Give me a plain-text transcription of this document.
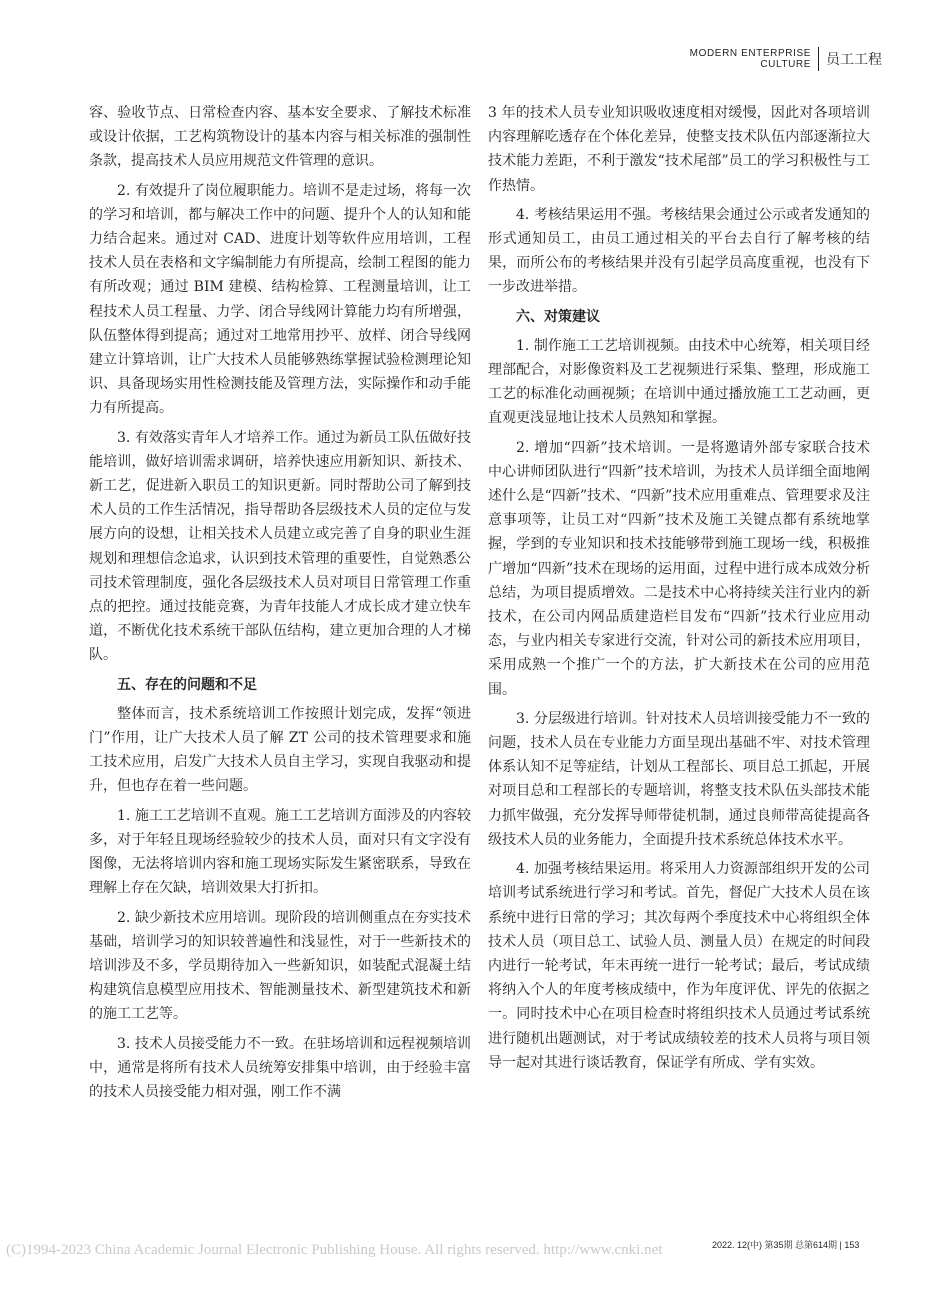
MODERN ENTERPRISE
CULTURE	员工工程

容、验收节点、日常检查内容、基本安全要求、了解技术标准或设计依据，工艺构筑物设计的基本内容与相关标准的强制性条款，提高技术人员应用规范文件管理的意识。

2. 有效提升了岗位履职能力。培训不是走过场，将每一次的学习和培训，都与解决工作中的问题、提升个人的认知和能力结合起来。通过对 CAD、进度计划等软件应用培训，工程技术人员在表格和文字编制能力有所提高，绘制工程图的能力有所改观；通过 BIM 建模、结构检算、工程测量培训，让工程技术人员工程量、力学、闭合导线网计算能力均有所增强，队伍整体得到提高；通过对工地常用抄平、放样、闭合导线网建立计算培训，让广大技术人员能够熟练掌握试验检测理论知识、具备现场实用性检测技能及管理方法，实际操作和动手能力有所提高。

3. 有效落实青年人才培养工作。通过为新员工队伍做好技能培训，做好培训需求调研，培养快速应用新知识、新技术、新工艺，促进新入职员工的知识更新。同时帮助公司了解到技术人员的工作生活情况，指导帮助各层级技术人员的定位与发展方向的设想，让相关技术人员建立或完善了自身的职业生涯规划和理想信念追求，认识到技术管理的重要性，自觉熟悉公司技术管理制度，强化各层级技术人员对项目日常管理工作重点的把控。通过技能竞赛，为青年技能人才成长成才建立快车道，不断优化技术系统干部队伍结构，建立更加合理的人才梯队。

五、存在的问题和不足

整体而言，技术系统培训工作按照计划完成，发挥“领进门”作用，让广大技术人员了解 ZT 公司的技术管理要求和施工技术应用，启发广大技术人员自主学习，实现自我驱动和提升，但也存在着一些问题。

1. 施工工艺培训不直观。施工工艺培训方面涉及的内容较多，对于年轻且现场经验较少的技术人员，面对只有文字没有图像，无法将培训内容和施工现场实际发生紧密联系，导致在理解上存在欠缺，培训效果大打折扣。

2. 缺少新技术应用培训。现阶段的培训侧重点在夯实技术基础，培训学习的知识较普遍性和浅显性，对于一些新技术的培训涉及不多，学员期待加入一些新知识，如装配式混凝土结构建筑信息模型应用技术、智能测量技术、新型建筑技术和新的施工工艺等。

3. 技术人员接受能力不一致。在驻场培训和远程视频培训中，通常是将所有技术人员统筹安排集中培训，由于经验丰富的技术人员接受能力相对强，刚工作不满

3 年的技术人员专业知识吸收速度相对缓慢，因此对各项培训内容理解吃透存在个体化差异，使整支技术队伍内部逐渐拉大技术能力差距，不利于激发“技术尾部”员工的学习积极性与工作热情。

4. 考核结果运用不强。考核结果会通过公示或者发通知的形式通知员工，由员工通过相关的平台去自行了解考核的结果，而所公布的考核结果并没有引起学员高度重视，也没有下一步改进举措。

六、对策建议

1. 制作施工工艺培训视频。由技术中心统筹，相关项目经理部配合，对影像资料及工艺视频进行采集、整理，形成施工工艺的标准化动画视频；在培训中通过播放施工工艺动画，更直观更浅显地让技术人员熟知和掌握。

2. 增加“四新”技术培训。一是将邀请外部专家联合技术中心讲师团队进行“四新”技术培训，为技术人员详细全面地阐述什么是“四新”技术、“四新”技术应用重难点、管理要求及注意事项等，让员工对“四新”技术及施工关键点都有系统地掌握，学到的专业知识和技术技能够带到施工现场一线，积极推广增加“四新”技术在现场的运用面，过程中进行成本成效分析总结，为项目提质增效。二是技术中心将持续关注行业内的新技术，在公司内网品质建造栏目发布“四新”技术行业应用动态，与业内相关专家进行交流，针对公司的新技术应用项目，采用成熟一个推广一个的方法，扩大新技术在公司的应用范围。

3. 分层级进行培训。针对技术人员培训接受能力不一致的问题，技术人员在专业能力方面呈现出基础不牢、对技术管理体系认知不足等症结，计划从工程部长、项目总工抓起，开展对项目总和工程部长的专题培训，将整支技术队伍头部技术能力抓牢做强，充分发挥导师带徒机制，通过良师带高徒提高各级技术人员的业务能力，全面提升技术系统总体技术水平。

4. 加强考核结果运用。将采用人力资源部组织开发的公司培训考试系统进行学习和考试。首先，督促广大技术人员在该系统中进行日常的学习；其次每两个季度技术中心将组织全体技术人员（项目总工、试验人员、测量人员）在规定的时间段内进行一轮考试，年末再统一进行一轮考试；最后，考试成绩将纳入个人的年度考核成绩中，作为年度评优、评先的依据之一。同时技术中心在项目检查时将组织技术人员通过考试系统进行随机出题测试，对于考试成绩较差的技术人员将与项目领导一起对其进行谈话教育，保证学有所成、学有实效。

2022. 12(中) 第35期 总第614期 | 153
(C)1994-2023 China Academic Journal Electronic Publishing House. All rights reserved. http://www.cnki.net
